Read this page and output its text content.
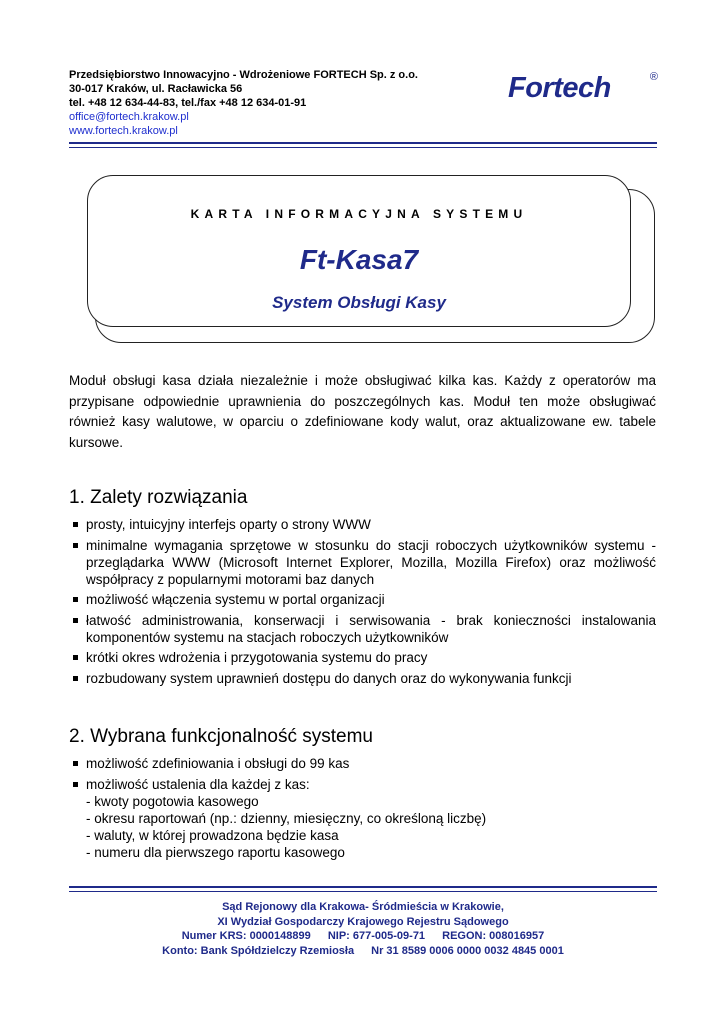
Przedsiębiorstwo Innowacyjno - Wdrożeniowe FORTECH Sp. z o.o.
30-017 Kraków, ul. Racławicka 56
tel. +48 12 634-44-83, tel./fax +48 12 634-01-91
office@fortech.krakow.pl
www.fortech.krakow.pl
Fortech	®
KARTA INFORMACYJNA SYSTEMU
Ft-Kasa7
System Obsługi Kasy
Moduł obsługi kasa działa niezależnie i może obsługiwać kilka kas. Każdy z operatorów ma przypisane odpowiednie uprawnienia do poszczególnych kas. Moduł ten może obsługiwać również kasy walutowe, w oparciu o zdefiniowane kody walut, oraz aktualizowane ew. tabele kursowe.
1. Zalety rozwiązania
prosty, intuicyjny interfejs oparty o strony WWW
minimalne wymagania sprzętowe w stosunku do stacji roboczych użytkowników systemu - przeglądarka WWW (Microsoft Internet Explorer, Mozilla, Mozilla Firefox) oraz możliwość współpracy z popularnymi motorami baz danych
możliwość włączenia systemu w portal organizacji
łatwość administrowania, konserwacji i serwisowania - brak konieczności instalowania komponentów systemu na stacjach roboczych użytkowników
krótki okres wdrożenia i przygotowania systemu do pracy
rozbudowany system uprawnień dostępu do danych oraz do wykonywania funkcji
2. Wybrana funkcjonalność systemu
możliwość zdefiniowania i obsługi do 99 kas
możliwość ustalenia dla każdej z kas:
- kwoty pogotowia kasowego
- okresu raportowań (np.: dzienny, miesięczny, co określoną liczbę)
- waluty, w której prowadzona będzie kasa
- numeru dla pierwszego raportu kasowego
Sąd Rejonowy dla Krakowa- Śródmieścia w Krakowie,
XI Wydział Gospodarczy Krajowego Rejestru Sądowego
Numer KRS: 0000148899 NIP: 677-005-09-71 REGON: 008016957
Konto: Bank Spółdzielczy Rzemiosła Nr 31 8589 0006 0000 0032 4845 0001
